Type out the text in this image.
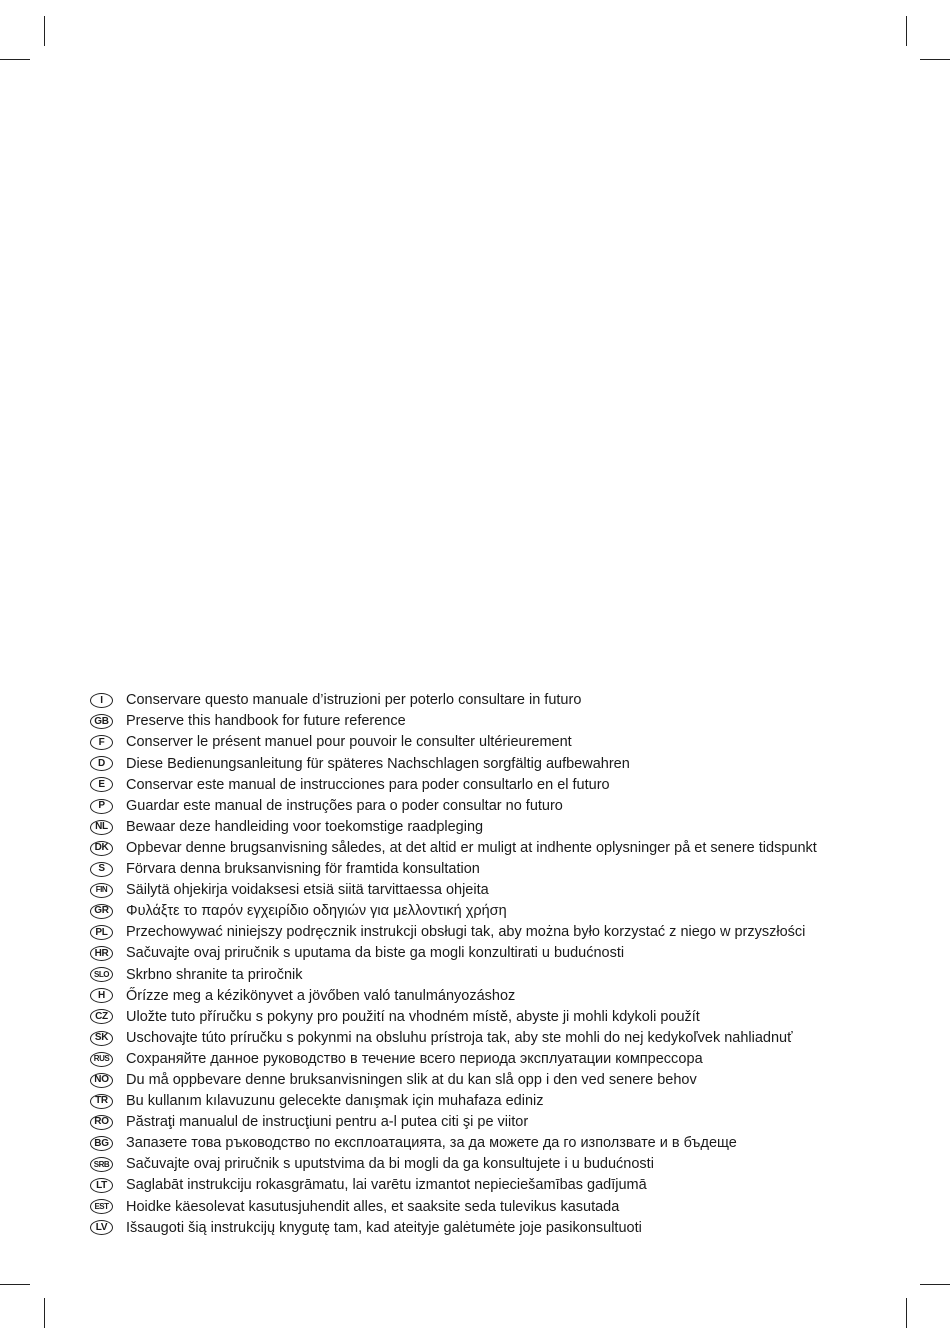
I	Conservare questo manuale d’istruzioni per poterlo consultare in futuro
GB Preserve this handbook for future reference
F	Conserver le présent manuel pour pouvoir le consulter ultérieurement
D	Diese Bedienungsanleitung für späteres Nachschlagen sorgfältig aufbewahren
E	Conservar este manual de instrucciones para poder consultarlo en el futuro
P	Guardar este manual de instruções para o poder consultar no futuro
NL	Bewaar deze handleiding voor toekomstige raadpleging
DK	Opbevar denne brugsanvisning således, at det altid er muligt at indhente oplysninger på et senere tidspunkt
S	Förvara denna bruksanvisning för framtida konsultation
FIN	Säilytä ohjekirja voidaksesi etsiä siitä tarvittaessa ohjeita
GR Φυλάξτε το παρόν εγχειρίδιο οδηγιών για μελλοντική χρήση
PL	Przechowywać niniejszy podręcznik instrukcji obsługi tak, aby można było korzystać z niego w przyszłości
HR	Sačuvajte ovaj priručnik s uputama da biste ga mogli konzultirati u budućnosti
SLO Skrbno shranite ta priročnik
H	Őrízze meg a kézikönyvet a jövőben való tanulmányozáshoz
CZ	Uložte tuto příručku s pokyny pro použití na vhodném místě, abyste ji mohli kdykoli použít
SK	Uschovajte túto príručku s pokynmi na obsluhu prístroja tak, aby ste mohli do nej kedykoľvek nahliadnuť
RUS Сохраняйте данное руководство в течение всего периода эксплуатации компрессора
NO Du må oppbevare denne bruksanvisningen slik at du kan slå opp i den ved senere behov
TR	Bu kullanım kılavuzunu gelecekte danışmak için muhafaza ediniz
RO Păstraţi manualul de instrucţiuni pentru a-l putea citi şi pe viitor
BG Запазете това ръководство по експлоатацията, за да можете да го използвате и в бъдеще
SRB Sačuvajte ovaj priručnik s uputstvima da bi mogli da ga konsultujete i u budućnosti
LT	Saglabāt instrukciju rokasgrāmatu, lai varētu izmantot nepieciešamības gadījumā
EST	Hoidke käesolevat kasutusjuhendit alles, et saaksite seda tulevikus kasutada
LV	Išsaugoti šią instrukcijų knygutę tam, kad ateityje galėtumėte joje pasikonsultuoti
